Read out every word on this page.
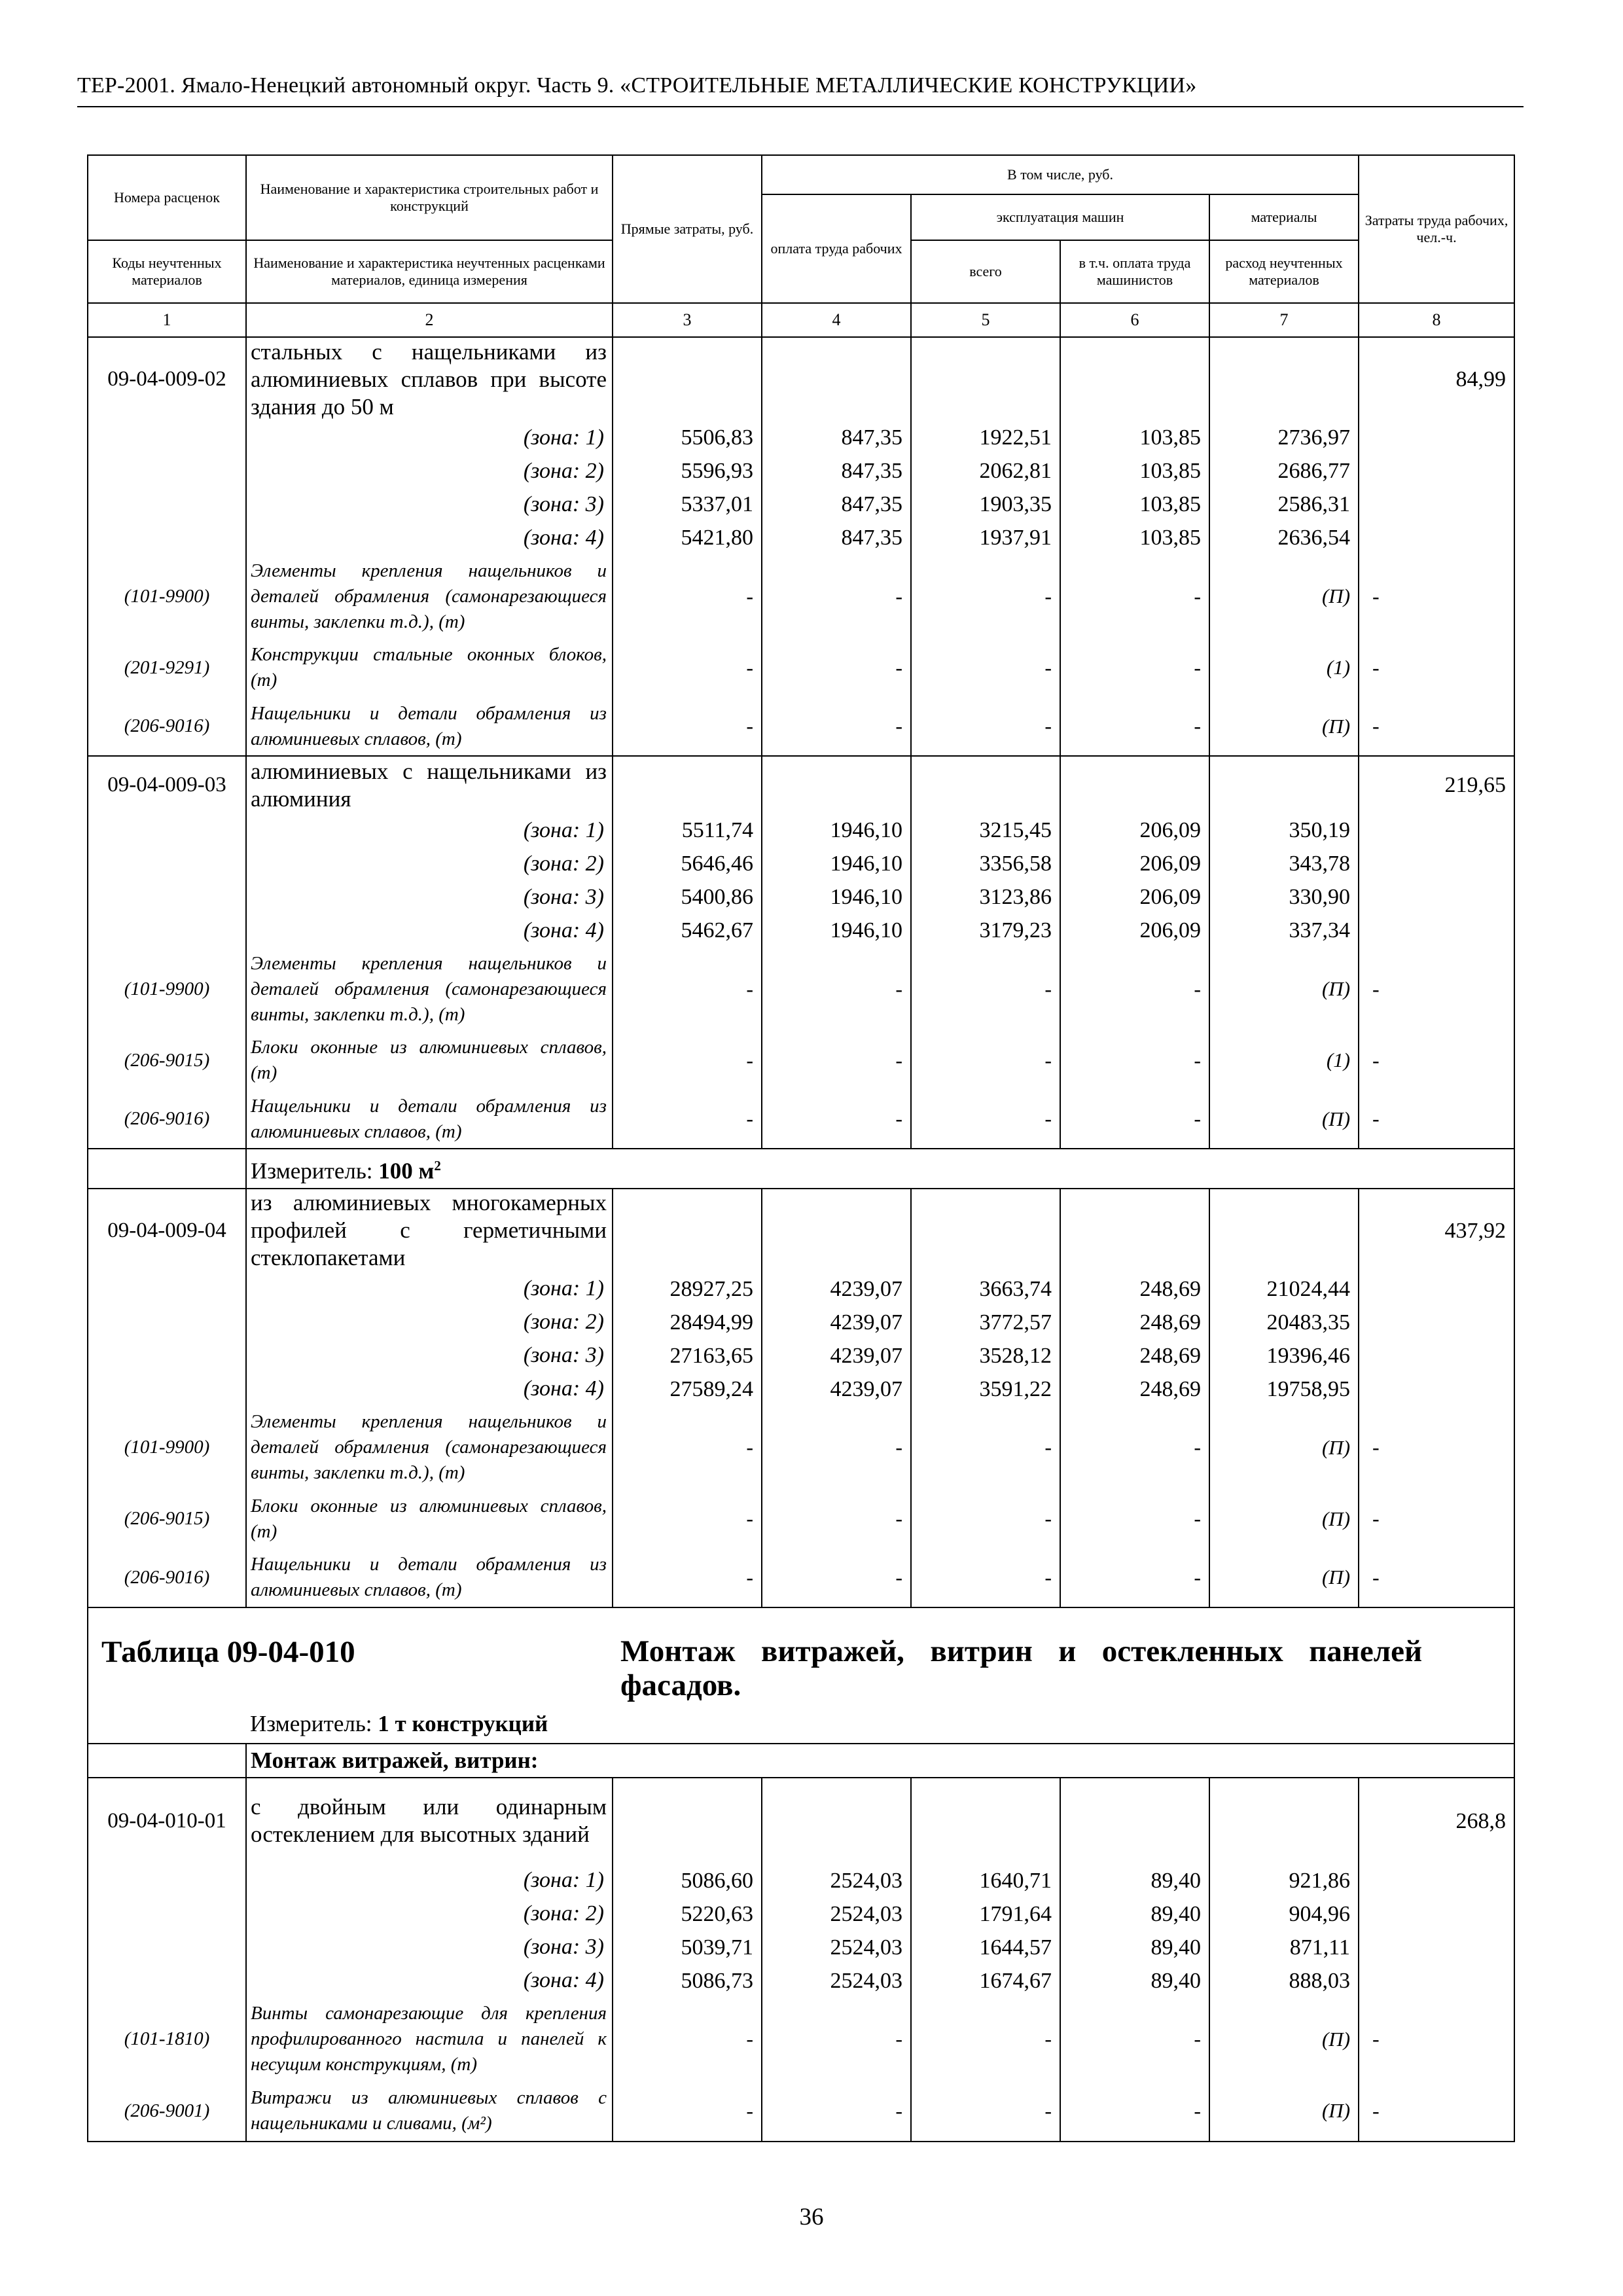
ТЕР-2001. Ямало-Ненецкий автономный округ. Часть 9. «СТРОИТЕЛЬНЫЕ МЕТАЛЛИЧЕСКИЕ КОНСТРУКЦИИ»
Номера расценок	Наименование и характеристика строительных работ и конструкций	Прямые затраты, руб.	В том числе, руб.				Затраты труда рабочих, чел.-ч.
			оплата труда рабочих	эксплуатация машин		материалы	
Коды неучтенных материалов	Наименование и характеристика неучтенных расценками материалов, единица измерения			всего	в т.ч. оплата труда машинистов	расход неучтенных материалов	
1	2	3	4	5	6	7	8
09-04-009-02	стальных с нащельниками из алюминиевых сплавов при высоте здания до 50 м						84,99
	(зона: 1)	5506,83	847,35	1922,51	103,85	2736,97	
	(зона: 2)	5596,93	847,35	2062,81	103,85	2686,77	
	(зона: 3)	5337,01	847,35	1903,35	103,85	2586,31	
	(зона: 4)	5421,80	847,35	1937,91	103,85	2636,54	
(101-9900)	Элементы крепления нащельников и деталей обрамления (самонарезающиеся винты, заклепки т.д.), (т)	-	-	-	-	(П)	-
(201-9291)	Конструкции стальные оконных блоков, (т)	-	-	-	-	(1)	-
(206-9016)	Нащельники и детали обрамления из алюминиевых сплавов, (т)	-	-	-	-	(П)	-
09-04-009-03	алюминиевых с нащельниками из алюминия						219,65
	(зона: 1)	5511,74	1946,10	3215,45	206,09	350,19	
	(зона: 2)	5646,46	1946,10	3356,58	206,09	343,78	
	(зона: 3)	5400,86	1946,10	3123,86	206,09	330,90	
	(зона: 4)	5462,67	1946,10	3179,23	206,09	337,34	
(101-9900)	Элементы крепления нащельников и деталей обрамления (самонарезающиеся винты, заклепки т.д.), (т)	-	-	-	-	(П)	-
(206-9015)	Блоки оконные из алюминиевых сплавов, (т)	-	-	-	-	(1)	-
(206-9016)	Нащельники и детали обрамления из алюминиевых сплавов, (т)	-	-	-	-	(П)	-
	Измеритель: 100 $м^2$
09-04-009-04	из алюминиевых многокамерных профилей с герметичными стеклопакетами						437,92
	(зона: 1)	28927,25	4239,07	3663,74	248,69	21024,44	
	(зона: 2)	28494,99	4239,07	3772,57	248,69	20483,35	
	(зона: 3)	27163,65	4239,07	3528,12	248,69	19396,46	
	(зона: 4)	27589,24	4239,07	3591,22	248,69	19758,95	
(101-9900)	Элементы крепления нащельников и деталей обрамления (самонарезающиеся винты, заклепки т.д.), (т)	-	-	-	-	(П)	-
(206-9015)	Блоки оконные из алюминиевых сплавов, (т)	-	-	-	-	(П)	-
(206-9016)	Нащельники и детали обрамления из алюминиевых сплавов, (т)	-	-	-	-	(П)	-
Таблица 09-04-010		Монтаж витражей, витрин и остекленных панелей фасадов.					
	Измеритель: 1 т конструкций						
	Монтаж витражей, витрин:						
09-04-010-01	с двойным или одинарным остеклением для высотных зданий						268,8
	(зона: 1)	5086,60	2524,03	1640,71	89,40	921,86	
	(зона: 2)	5220,63	2524,03	1791,64	89,40	904,96	
	(зона: 3)	5039,71	2524,03	1644,57	89,40	871,11	
	(зона: 4)	5086,73	2524,03	1674,67	89,40	888,03	
(101-1810)	Винты самонарезающие для крепления профилированного настила и панелей к несущим конструкциям, (т)	-	-	-	-	(П)	-
(206-9001)	Витражи из алюминиевых сплавов с нащельниками и сливами, (м²)	-	-	-	-	(П)	-

36
